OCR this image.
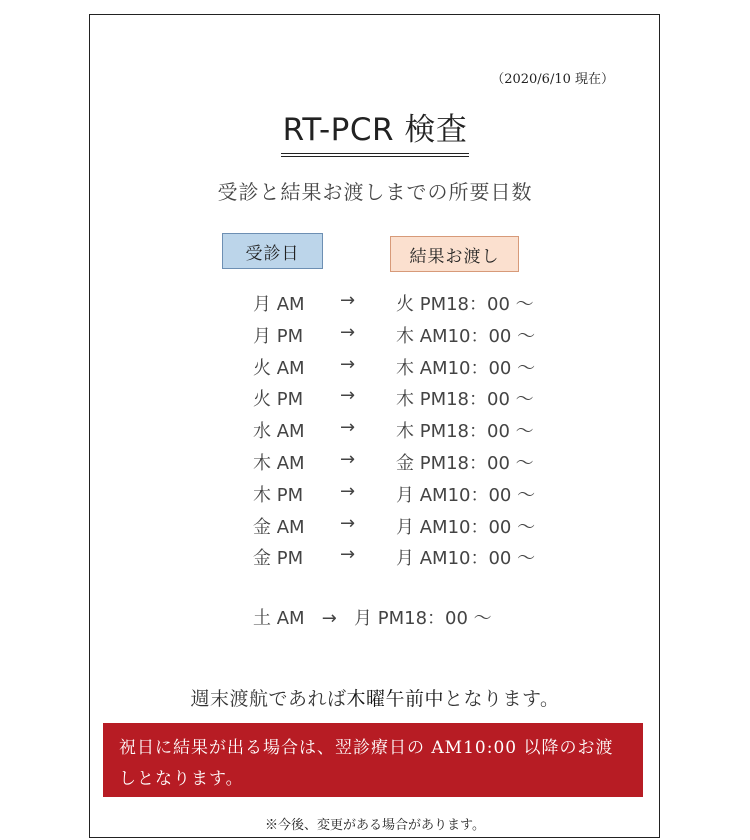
（2020/6/10 現在）
RT-PCR 検査
受診と結果お渡しまでの所要日数
受診日	結果お渡し
月 AM → 火 PM18：00 ～
月 PM → 木 AM10：00 ～
火 AM → 木 AM10：00 ～
火 PM → 木 PM18：00 ～
水 AM → 木 PM18：00 ～
木 AM → 金 PM18：00 ～
木 PM → 月 AM10：00 ～
金 AM → 月 AM10：00 ～
金 PM → 月 AM10：00 ～
土 AM → 月 PM18：00 ～
週末渡航であれば木曜午前中となります。
祝日に結果が出る場合は、翌診療日の AM10:00 以降のお渡しとなります。
※今後、変更がある場合があります。
